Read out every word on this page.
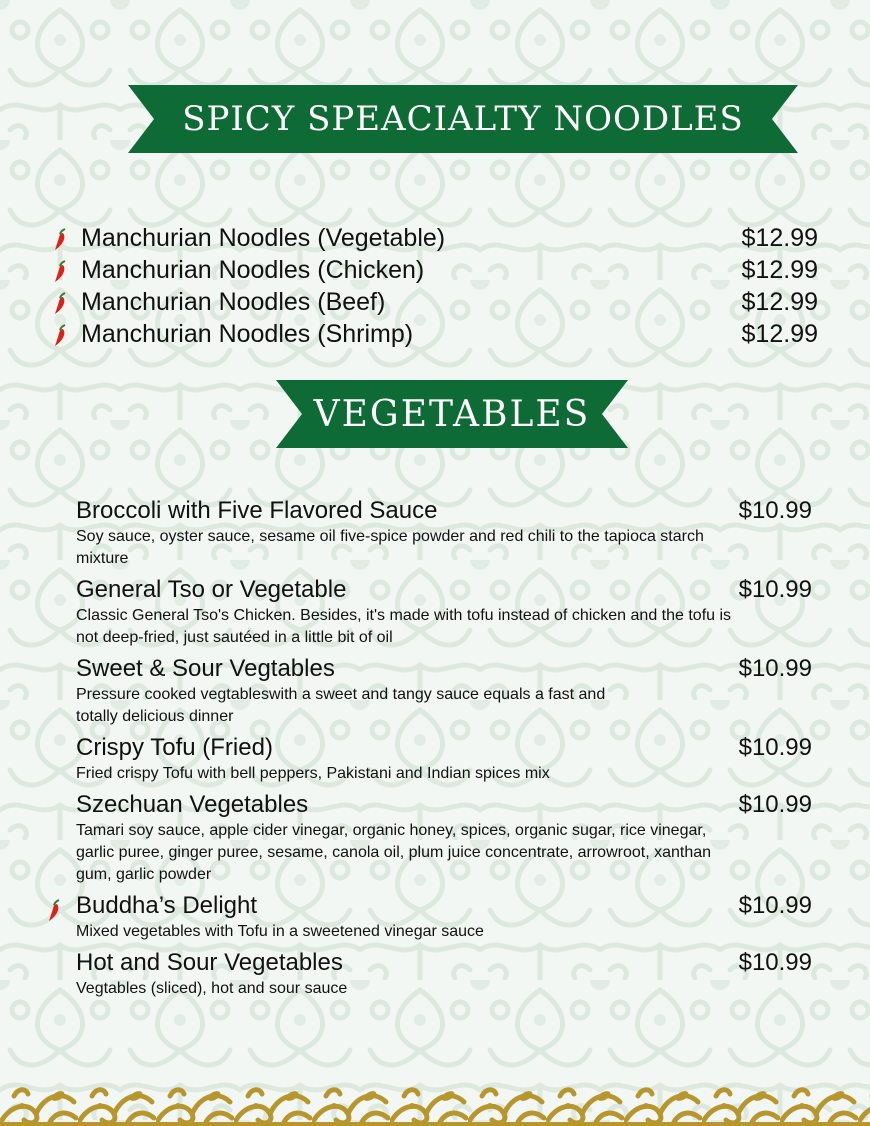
SPICY SPEACIALTY NOODLES
Manchurian Noodles (Vegetable)	$12.99
Manchurian Noodles (Chicken)	$12.99
Manchurian Noodles (Beef)	$12.99
Manchurian Noodles (Shrimp)	$12.99
VEGETABLES
Broccoli with Five Flavored Sauce	$10.99
Soy sauce, oyster sauce, sesame oil five-spice powder and red chili to the tapioca starch mixture
General Tso or Vegetable	$10.99
Classic General Tso's Chicken. Besides, it's made with tofu instead of chicken and the tofu is not deep-fried, just sautéed in a little bit of oil
Sweet & Sour Vegtables	$10.99
Pressure cooked vegtableswith a sweet and tangy sauce equals a fast and totally delicious dinner
Crispy Tofu (Fried)	$10.99
Fried crispy Tofu with bell peppers, Pakistani and Indian spices mix
Szechuan Vegetables	$10.99
Tamari soy sauce, apple cider vinegar, organic honey, spices, organic sugar, rice vinegar, garlic puree, ginger puree, sesame, canola oil, plum juice concentrate, arrowroot, xanthan gum, garlic powder
Buddha’s Delight	$10.99
Mixed vegetables with Tofu in a sweetened vinegar sauce
Hot and Sour Vegetables	$10.99
Vegtables (sliced), hot and sour sauce
